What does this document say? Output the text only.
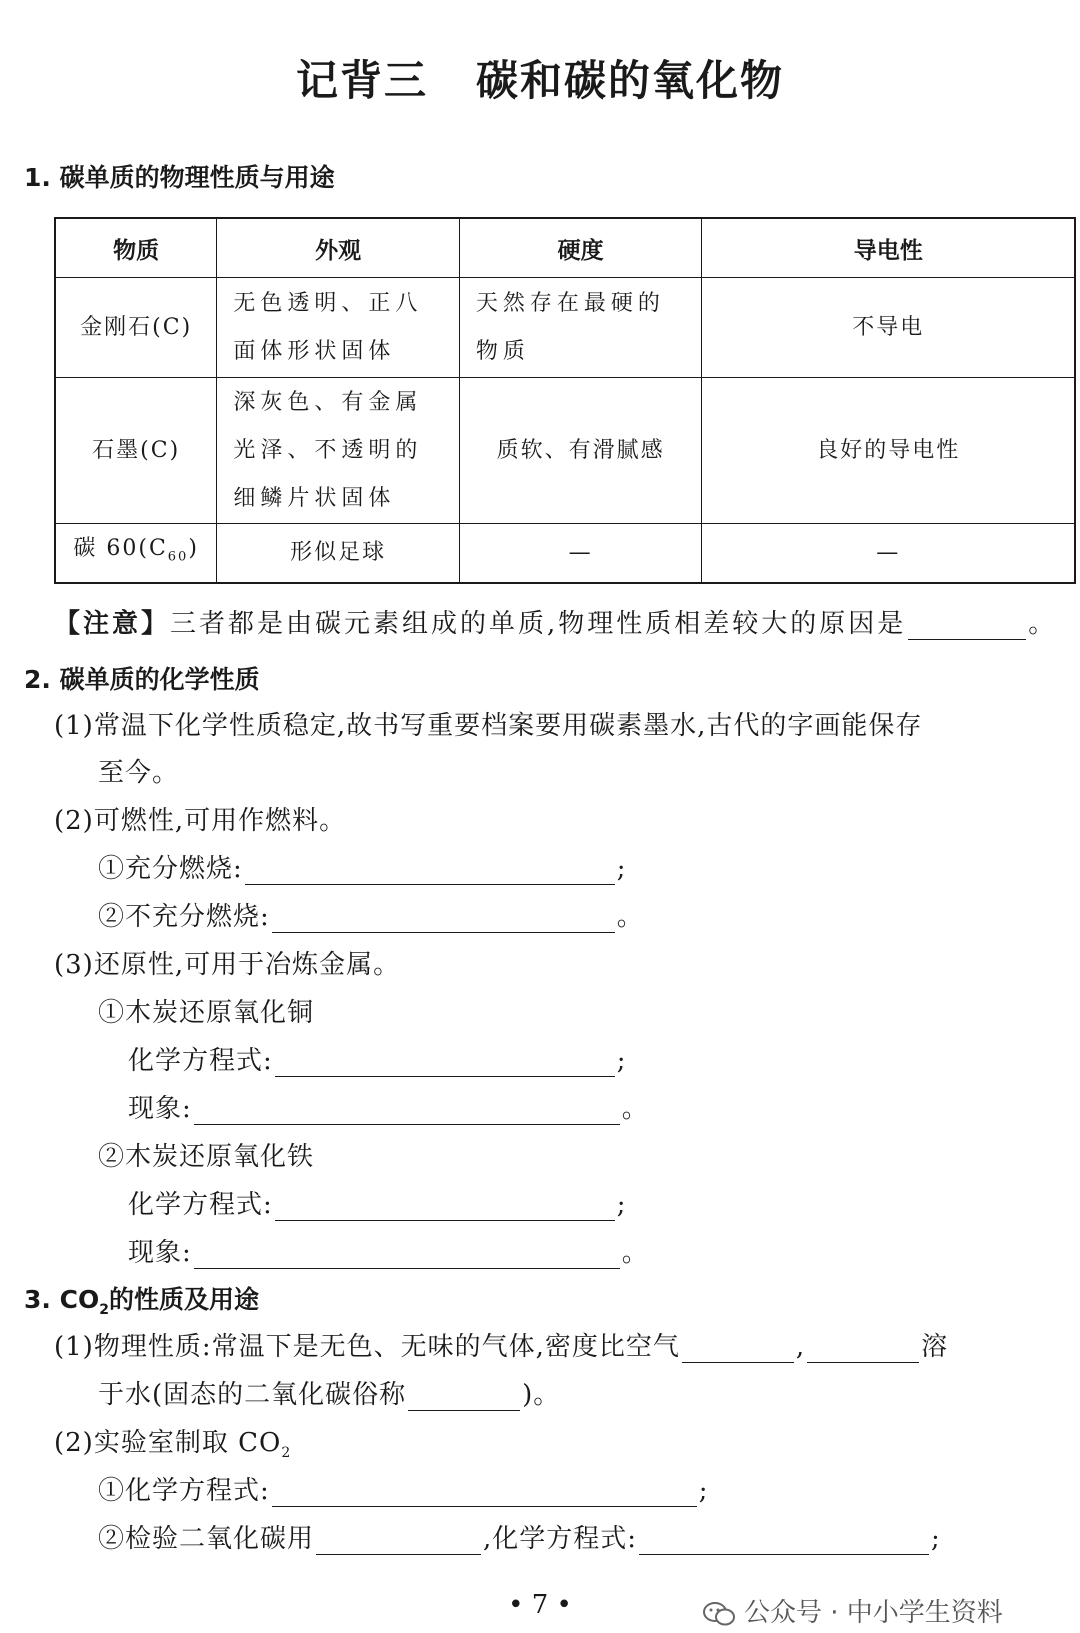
记背三 碳和碳的氧化物
1. 碳单质的物理性质与用途
物质	外观	硬度	导电性
金刚石(C)	无色透明、正八面体形状固体	天然存在最硬的物质	不导电
石墨(C)	深灰色、有金属光泽、不透明的细鳞片状固体	质软、有滑腻感	良好的导电性
碳 $60(C_{60})$	形似足球	—	—
【注意】三者都是由碳元素组成的单质,物理性质相差较大的原因是	。
2. 碳单质的化学性质
(1)常温下化学性质稳定,故书写重要档案要用碳素墨水,古代的字画能保存
至今。
(2)可燃性,可用作燃料。
①充分燃烧:	;
②不充分燃烧:	。
(3)还原性,可用于冶炼金属。
①木炭还原氧化铜
化学方程式:	;
现象:	。
②木炭还原氧化铁
化学方程式:	;
现象:	。
3. $CO_2$的性质及用途
(1)物理性质:常温下是无色、无味的气体,密度比空气	,	溶
于水(固态的二氧化碳俗称	)。
(2)实验室制取 $CO_2$
①化学方程式:	;
②检验二氧化碳用	,化学方程式:	;
• 7 •	公众号 · 中小学生资料
